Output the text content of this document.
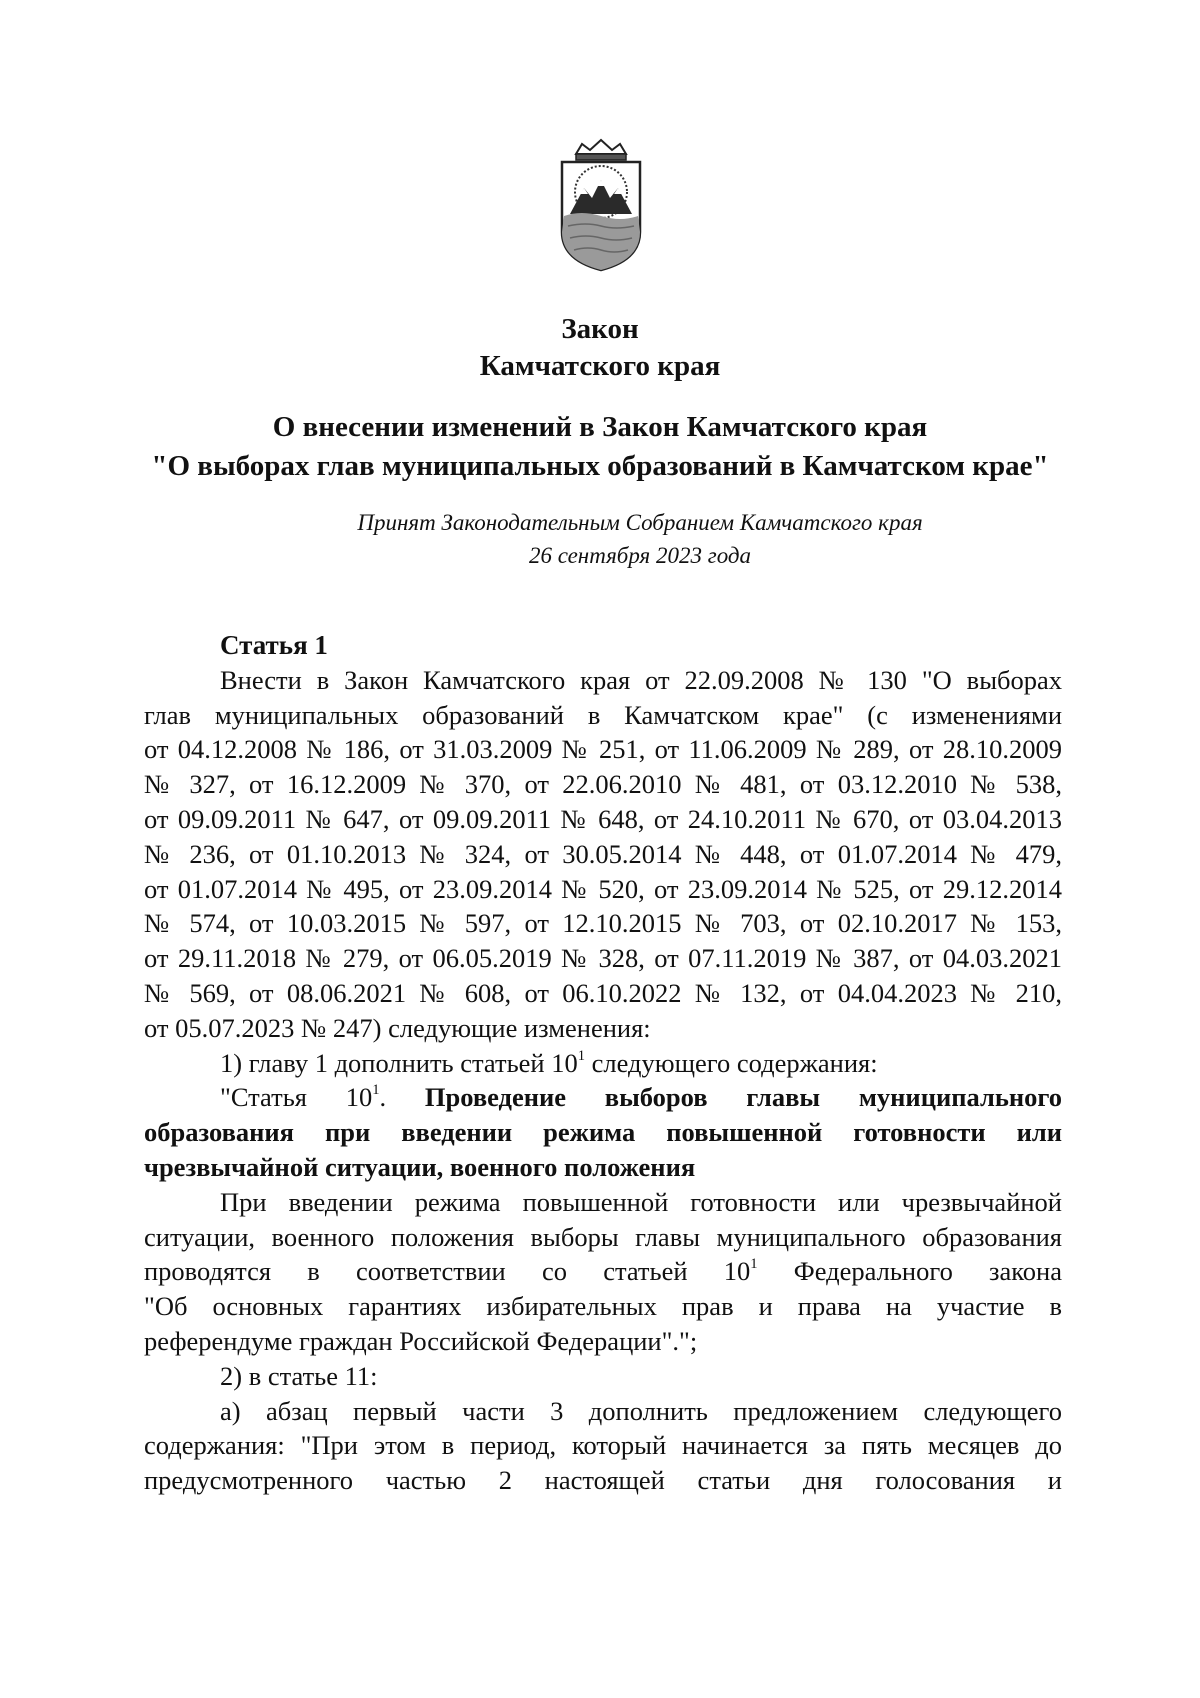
Закон
Камчатского края
О внесении изменений в Закон Камчатского края
"О выборах глав муниципальных образований в Камчатском крае"
Принят Законодательным Собранием Камчатского края
26 сентября 2023 года
Статья 1
Внести в Закон Камчатского края от 22.09.2008 № 130 "О выборах
глав муниципальных образований в Камчатском крае" (с изменениями
от 04.12.2008 № 186, от 31.03.2009 № 251, от 11.06.2009 № 289, от 28.10.2009
№ 327, от 16.12.2009 № 370, от 22.06.2010 № 481, от 03.12.2010 № 538,
от 09.09.2011 № 647, от 09.09.2011 № 648, от 24.10.2011 № 670, от 03.04.2013
№ 236, от 01.10.2013 № 324, от 30.05.2014 № 448, от 01.07.2014 № 479,
от 01.07.2014 № 495, от 23.09.2014 № 520, от 23.09.2014 № 525, от 29.12.2014
№ 574, от 10.03.2015 № 597, от 12.10.2015 № 703, от 02.10.2017 № 153,
от 29.11.2018 № 279, от 06.05.2019 № 328, от 07.11.2019 № 387, от 04.03.2021
№ 569, от 08.06.2021 № 608, от 06.10.2022 № 132, от 04.04.2023 № 210,
от 05.07.2023 № 247) следующие изменения:
1) главу 1 дополнить статьей $10^1$ следующего содержания:
"Статья $10^1$. Проведение выборов главы муниципального
образования при введении режима повышенной готовности или
чрезвычайной ситуации, военного положения
При введении режима повышенной готовности или чрезвычайной
ситуации, военного положения выборы главы муниципального образования
проводятся в соответствии со статьей $10^1$ Федерального закона
"Об основных гарантиях избирательных прав и права на участие в
референдуме граждан Российской Федерации".";
2) в статье 11:
а) абзац первый части 3 дополнить предложением следующего
содержания: "При этом в период, который начинается за пять месяцев до
предусмотренного частью 2 настоящей статьи дня голосования и
